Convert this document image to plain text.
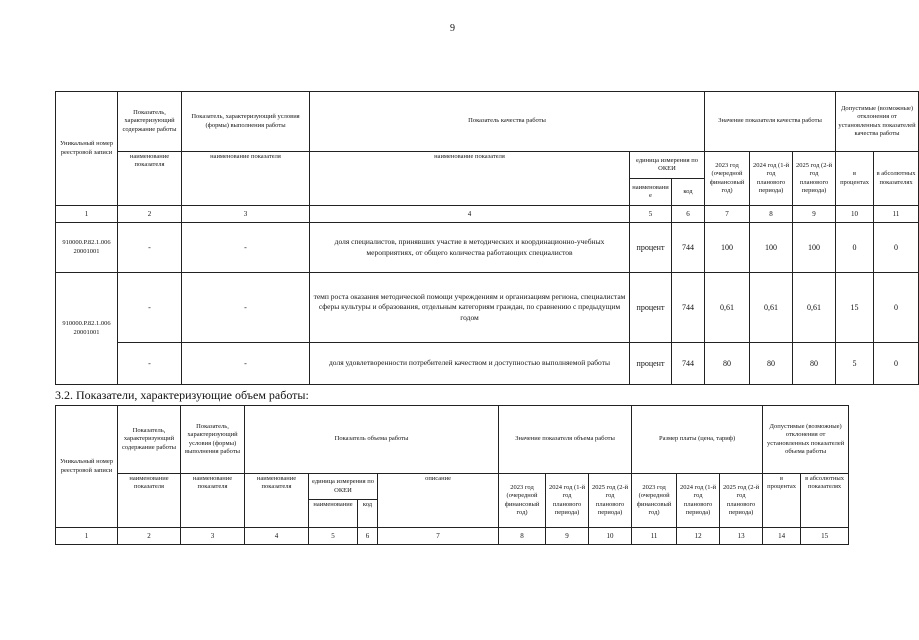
9
Уникальный номер реестровой записи	Показатель, характеризующий содержание работы	Показатель, характеризующий условия (формы) выполнения работы	Показатель качества работы			Значение показателя качества работы			Допустимые (возможные) отклонения от установленных показателей качества работы	
	наименование показателя	наименование показателя	наименование показателя	единица измерения по ОКЕИ		2023 год (очередной финансовый год)	2024 год (1-й год планового периода)	2025 год (2-й год планового периода)	в процентах	в абсолютных показателях
				наименование	код					
1	2	3	4	5	6	7	8	9	10	11
910000.Р.82.1.006 20001001	-	-	доля специалистов, принявших участие в методических и координационно-учебных мероприятиях, от общего количества работающих специалистов	процент	744	100	100	100	0	0
910000.Р.82.1.006 20001001	-	-	темп роста оказания методической помощи учреждениям и организациям региона, специалистам сферы культуры и образования, отдельным категориям граждан, по сравнению с предыдущим годом	процент	744	0,61	0,61	0,61	15	0
	-	-	доля удовлетворенности потребителей качеством и доступностью выполняемой работы	процент	744	80	80	80	5	0
3.2. Показатели, характеризующие объем работы:
Уникальный номер реестровой записи	Показатель, характеризующий содержание работы	Показатель, характеризующий условия (формы) выполнения работы	Показатель объема работы				Значение показателя объема работы			Размер платы (цена, тариф)			Допустимые (возможные) отклонения от установленных показателей объема работы	
	наименование показателя	наименование показателя	наименование показателя	единица измерения по ОКЕИ		описание	2023 год (очередной финансовый год)	2024 год (1-й год планового периода)	2025 год (2-й год планового периода)	2023 год (очередной финансовый год)	2024 год (1-й год планового периода)	2025 год (2-й год планового периода)	в процентах	в абсолютных показателях
				наименование	код									
1	2	3	4	5	6	7	8	9	10	11	12	13	14	15
